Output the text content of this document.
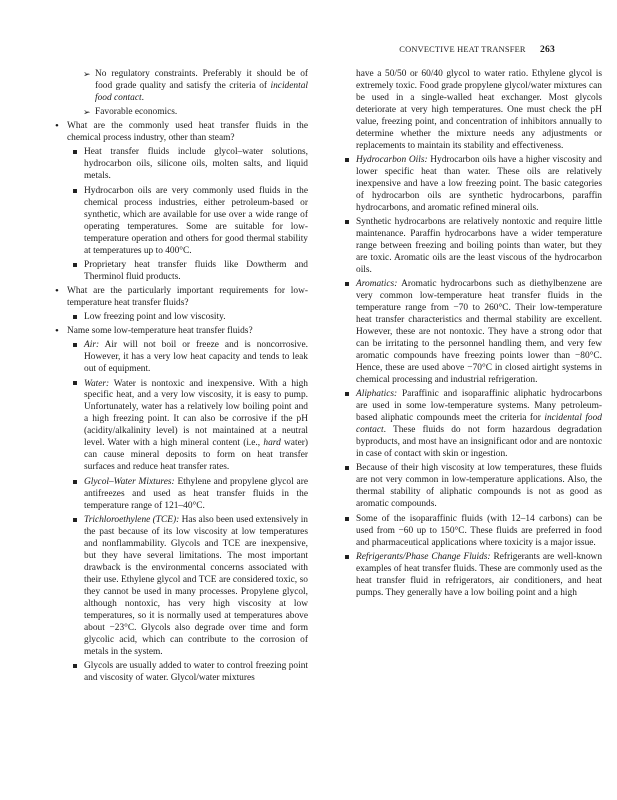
CONVECTIVE HEAT TRANSFER 263

➢ No regulatory constraints. Preferably it should be of food grade quality and satisfy the criteria of incidental food contact.

➢ Favorable economics.

• What are the commonly used heat transfer fluids in the chemical process industry, other than steam?

Heat transfer fluids include glycol–water solutions, hydrocarbon oils, silicone oils, molten salts, and liquid metals.

Hydrocarbon oils are very commonly used fluids in the chemical process industries, either petroleum-based or synthetic, which are available for use over a wide range of operating temperatures. Some are suitable for low-temperature operation and others for good thermal stability at temperatures up to 400°C.

Proprietary heat transfer fluids like Dowtherm and Therminol fluid products.

• What are the particularly important requirements for low-temperature heat transfer fluids?

Low freezing point and low viscosity.

• Name some low-temperature heat transfer fluids?

Air: Air will not boil or freeze and is noncorrosive. However, it has a very low heat capacity and tends to leak out of equipment.

Water: Water is nontoxic and inexpensive. With a high specific heat, and a very low viscosity, it is easy to pump. Unfortunately, water has a relatively low boiling point and a high freezing point. It can also be corrosive if the pH (acidity/alkalinity level) is not maintained at a neutral level. Water with a high mineral content (i.e., hard water) can cause mineral deposits to form on heat transfer surfaces and reduce heat transfer rates.

Glycol–Water Mixtures: Ethylene and propylene glycol are antifreezes and used as heat transfer fluids in the temperature range of 121–40°C.

Trichloroethylene (TCE): Has also been used extensively in the past because of its low viscosity at low temperatures and nonflammability. Glycols and TCE are inexpensive, but they have several limitations. The most important drawback is the environmental concerns associated with their use. Ethylene glycol and TCE are considered toxic, so they cannot be used in many processes. Propylene glycol, although nontoxic, has very high viscosity at low temperatures, so it is normally used at temperatures above about −23°C. Glycols also degrade over time and form glycolic acid, which can contribute to the corrosion of metals in the system.

Glycols are usually added to water to control freezing point and viscosity of water. Glycol/water mixtures

have a 50/50 or 60/40 glycol to water ratio. Ethylene glycol is extremely toxic. Food grade propylene glycol/water mixtures can be used in a single-walled heat exchanger. Most glycols deteriorate at very high temperatures. One must check the pH value, freezing point, and concentration of inhibitors annually to determine whether the mixture needs any adjustments or replacements to maintain its stability and effectiveness.

Hydrocarbon Oils: Hydrocarbon oils have a higher viscosity and lower specific heat than water. These oils are relatively inexpensive and have a low freezing point. The basic categories of hydrocarbon oils are synthetic hydrocarbons, paraffin hydrocarbons, and aromatic refined mineral oils.

Synthetic hydrocarbons are relatively nontoxic and require little maintenance. Paraffin hydrocarbons have a wider temperature range between freezing and boiling points than water, but they are toxic. Aromatic oils are the least viscous of the hydrocarbon oils.

Aromatics: Aromatic hydrocarbons such as diethylbenzene are very common low-temperature heat transfer fluids in the temperature range from −70 to 260°C. Their low-temperature heat transfer characteristics and thermal stability are excellent. However, these are not nontoxic. They have a strong odor that can be irritating to the personnel handling them, and very few aromatic compounds have freezing points lower than −80°C. Hence, these are used above −70°C in closed airtight systems in chemical processing and industrial refrigeration.

Aliphatics: Paraffinic and isoparaffinic aliphatic hydrocarbons are used in some low-temperature systems. Many petroleum-based aliphatic compounds meet the criteria for incidental food contact. These fluids do not form hazardous degradation byproducts, and most have an insignificant odor and are nontoxic in case of contact with skin or ingestion.

Because of their high viscosity at low temperatures, these fluids are not very common in low-temperature applications. Also, the thermal stability of aliphatic compounds is not as good as aromatic compounds.

Some of the isoparaffinic fluids (with 12–14 carbons) can be used from −60 up to 150°C. These fluids are preferred in food and pharmaceutical applications where toxicity is a major issue.

Refrigerants/Phase Change Fluids: Refrigerants are well-known examples of heat transfer fluids. These are commonly used as the heat transfer fluid in refrigerators, air conditioners, and heat pumps. They generally have a low boiling point and a high
